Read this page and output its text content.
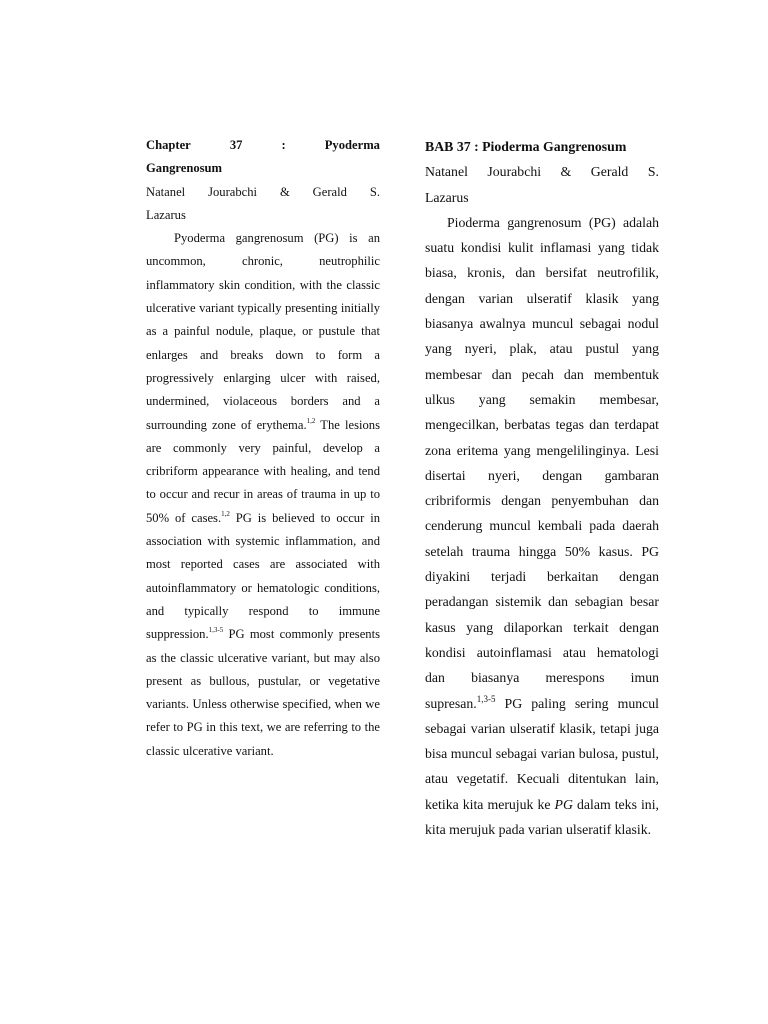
Chapter	37	:	Pyoderma
Gangrenosum
Natanel Jourabchi & Gerald S.
Lazarus

Pyoderma gangrenosum (PG) is an uncommon, chronic, neutrophilic inflammatory skin condition, with the classic ulcerative variant typically presenting initially as a painful nodule, plaque, or pustule that enlarges and breaks down to form a progressively enlarging ulcer with raised, undermined, violaceous borders and a surrounding zone of erythema.$^{1,2}$ The lesions are commonly very painful, develop a cribriform appearance with healing, and tend to occur and recur in areas of trauma in up to 50% of cases.$^{1,2}$ PG is believed to occur in association with systemic inflammation, and most reported cases are associated with autoinflammatory or hematologic conditions, and typically respond to immune suppression.$^{1,3-5}$ PG most commonly presents as the classic ulcerative variant, but may also present as bullous, pustular, or vegetative variants. Unless otherwise specified, when we refer to PG in this text, we are referring to the classic ulcerative variant.

BAB 37 : Pioderma Gangrenosum
Natanel Jourabchi & Gerald S.
Lazarus

Pioderma gangrenosum (PG) adalah suatu kondisi kulit inflamasi yang tidak biasa, kronis, dan bersifat neutrofilik, dengan varian ulseratif klasik yang biasanya awalnya muncul sebagai nodul yang nyeri, plak, atau pustul yang membesar dan pecah dan membentuk ulkus yang semakin membesar, mengecilkan, berbatas tegas dan terdapat zona eritema yang mengelilinginya. Lesi disertai nyeri, dengan gambaran cribriformis dengan penyembuhan dan cenderung muncul kembali pada daerah setelah trauma hingga 50% kasus. PG diyakini terjadi berkaitan dengan peradangan sistemik dan sebagian besar kasus yang dilaporkan terkait dengan kondisi autoinflamasi atau hematologi dan biasanya merespons imun supresan.$^{1,3-5}$ PG paling sering muncul sebagai varian ulseratif klasik, tetapi juga bisa muncul sebagai varian bulosa, pustul, atau vegetatif. Kecuali ditentukan lain, ketika kita merujuk ke PG dalam teks ini, kita merujuk pada varian ulseratif klasik.
